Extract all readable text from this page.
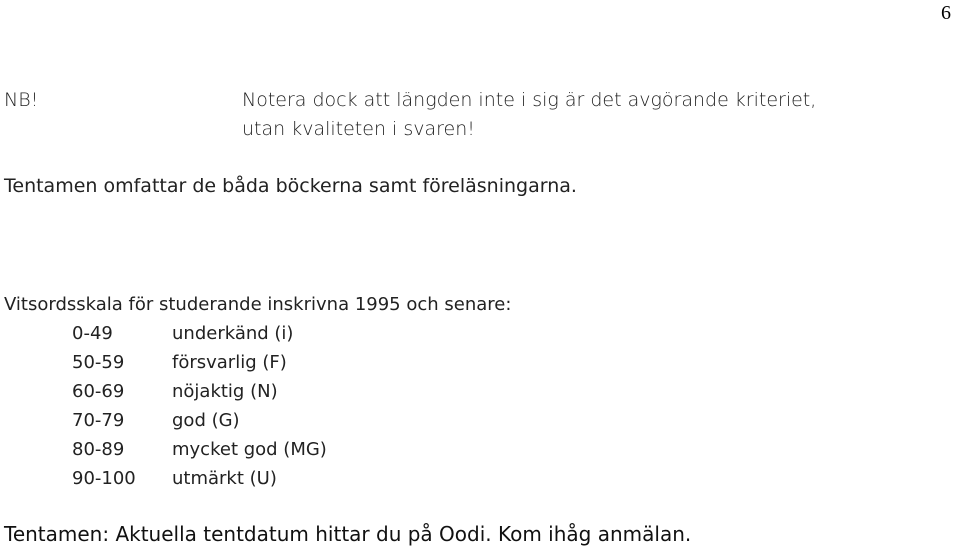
6
NB!	Notera dock att längden inte i sig är det avgörande kriteriet,
utan kvaliteten i svaren!
Tentamen omfattar de båda böckerna samt föreläsningarna.
Vitsordsskala för studerande inskrivna 1995 och senare:
0-49	underkänd (i)
50-59	försvarlig (F)
60-69	nöjaktig (N)
70-79	god (G)
80-89	mycket god (MG)
90-100	utmärkt (U)
Tentamen: Aktuella tentdatum hittar du på Oodi. Kom ihåg anmälan.
